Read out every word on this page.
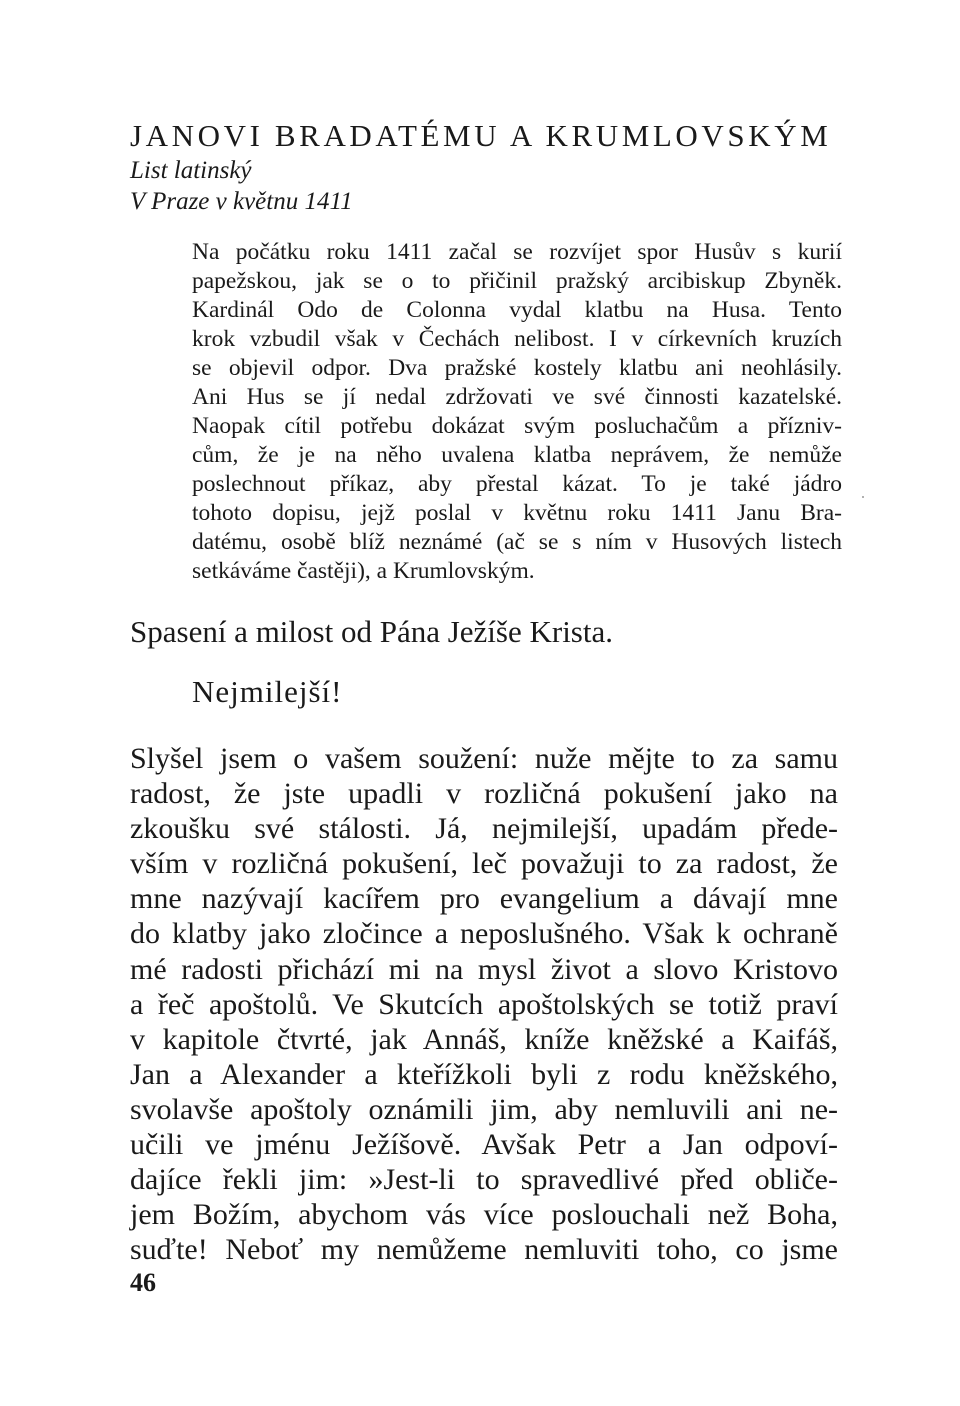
JANOVI BRADATÉMU A KRUMLOVSKÝM
List latinský
V Praze v květnu 1411
Na počátku roku 1411 začal se rozvíjet spor Husův s kurií
papežskou, jak se o to přičinil pražský arcibiskup Zbyněk.
Kardinál Odo de Colonna vydal klatbu na Husa. Tento
krok vzbudil však v Čechách nelibost. I v církevních kruzích
se objevil odpor. Dva pražské kostely klatbu ani neohlásily.
Ani Hus se jí nedal zdržovati ve své činnosti kazatelské.
Naopak cítil potřebu dokázat svým posluchačům a přízniv-
cům, že je na něho uvalena klatba neprávem, že nemůže
poslechnout příkaz, aby přestal kázat. To je také jádro
tohoto dopisu, jejž poslal v květnu roku 1411 Janu Bra-
datému, osobě blíž neznámé (ač se s ním v Husových listech
setkáváme častěji), a Krumlovským.
Spasení a milost od Pána Ježíše Krista.
Nejmilejší!
Slyšel jsem o vašem soužení: nuže mějte to za samu
radost, že jste upadli v rozličná pokušení jako na
zkoušku své stálosti. Já, nejmilejší, upadám přede-
vším v rozličná pokušení, leč považuji to za radost, že
mne nazývají kacířem pro evangelium a dávají mne
do klatby jako zločince a neposlušného. Však k ochraně
mé radosti přichází mi na mysl život a slovo Kristovo
a řeč apoštolů. Ve Skutcích apoštolských se totiž praví
v kapitole čtvrté, jak Annáš, kníže kněžské a Kaifáš,
Jan a Alexander a kteřížkoli byli z rodu kněžského,
svolavše apoštoly oznámili jim, aby nemluvili ani ne-
učili ve jménu Ježíšově. Avšak Petr a Jan odpoví-
dajíce řekli jim: »Jest-li to spravedlivé před obliče-
jem Božím, abychom vás více poslouchali než Boha,
suďte! Neboť my nemůžeme nemluviti toho, co jsme
46
